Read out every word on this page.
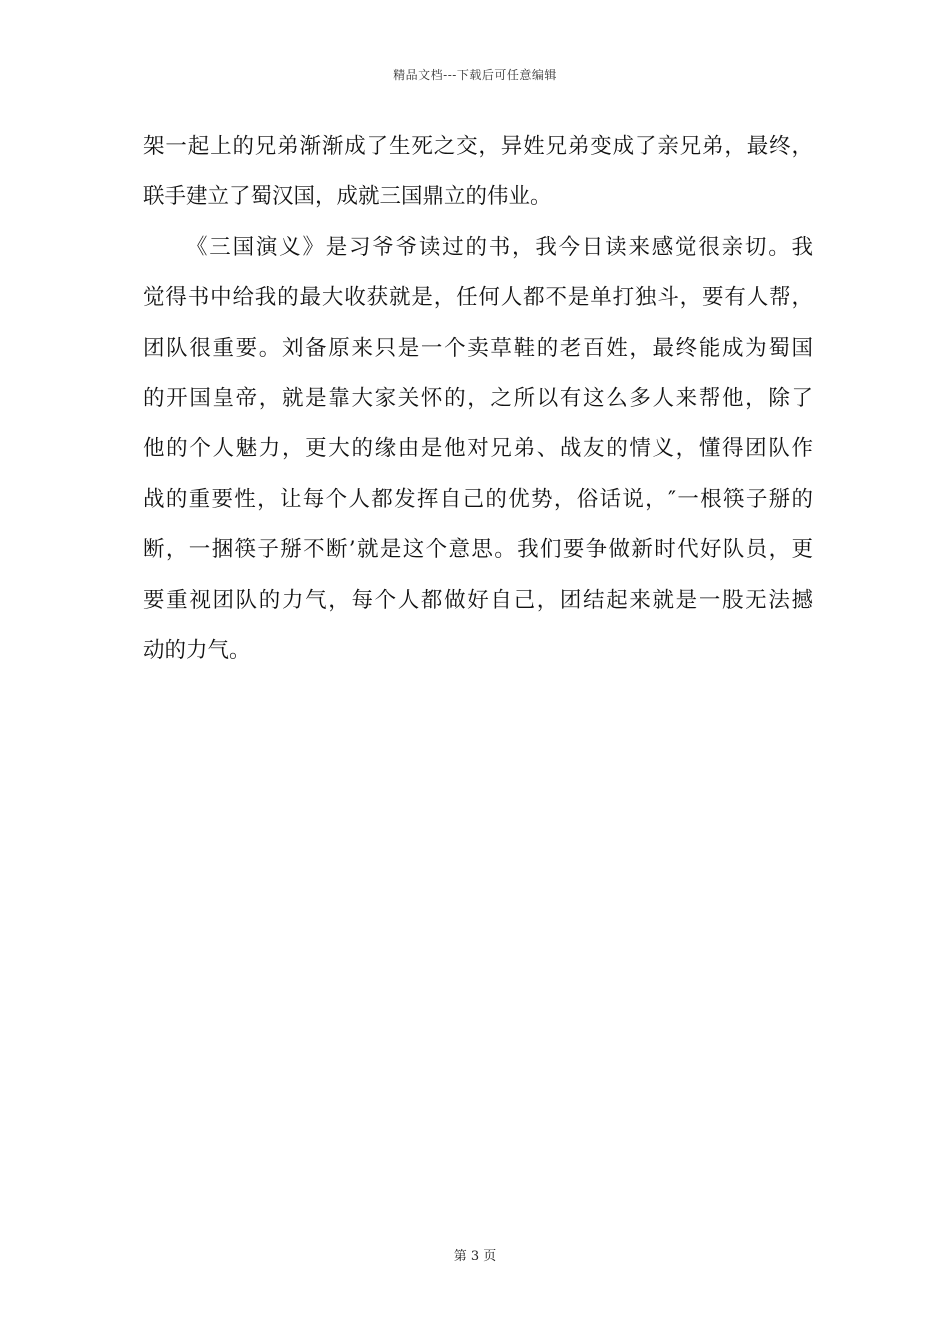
精品文档---下载后可任意编辑
架一起上的兄弟渐渐成了生死之交，异姓兄弟变成了亲兄弟，最终，
联手建立了蜀汉国，成就三国鼎立的伟业。
《三国演义》是习爷爷读过的书，我今日读来感觉很亲切。我
觉得书中给我的最大收获就是，任何人都不是单打独斗，要有人帮，
团队很重要。刘备原来只是一个卖草鞋的老百姓，最终能成为蜀国
的开国皇帝，就是靠大家关怀的，之所以有这么多人来帮他，除了
他的个人魅力，更大的缘由是他对兄弟、战友的情义，懂得团队作
战的重要性，让每个人都发挥自己的优势，俗话说，″一根筷子掰的
断，一捆筷子掰不断’就是这个意思。我们要争做新时代好队员，更
要重视团队的力气，每个人都做好自己，团结起来就是一股无法撼
动的力气。
第 3 页
